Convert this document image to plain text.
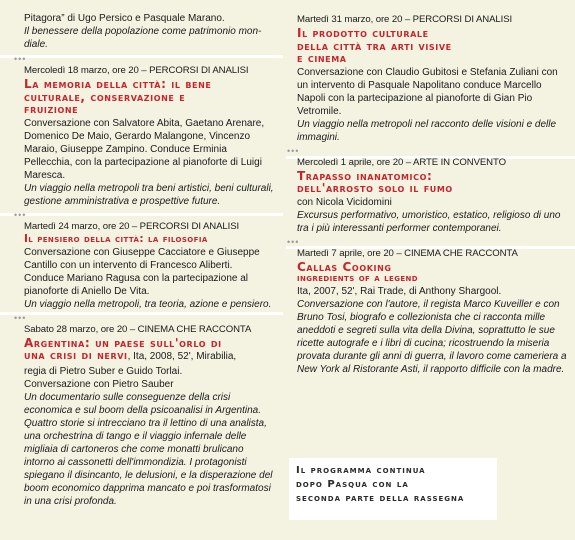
Pitagora” di Ugo Persico e Pasquale Marano.

Il benessere della popolazione come patrimonio mon-

diale.

•••

Mercoledì 18 marzo, ore 20 – PERCORSI DI ANALISI

La memoria della città: il bene
culturale, conservazione e
fruizione

Conversazione con Salvatore Abita, Gaetano Arenare, Domenico De Maio, Gerardo Malangone, Vincenzo Maraio, Giuseppe Zampino. Conduce Erminia Pellecchia, con la partecipazione al pianoforte di Luigi Maresca.

Un viaggio nella metropoli tra beni artistici, beni culturali, gestione amministrativa e prospettive future.

•••

Martedì 24 marzo, ore 20 – PERCORSI DI ANALISI

Il pensiero della città: la filosofia

Conversazione con Giuseppe Cacciatore e Giuseppe Cantillo con un intervento di Francesco Aliberti.

Conduce Mariano Ragusa con la partecipazione al pianoforte di Aniello De Vita.

Un viaggio nella metropoli, tra teoria, azione e pensiero.

•••

Sabato 28 marzo, ore 20 – CINEMA CHE RACCONTA

Argentina: un paese sull'orlo di
una crisi di nervi, Ita, 2008, 52', Mirabilia,

regia di Pietro Suber e Guido Torlai.

Conversazione con Pietro Sauber

Un documentario sulle conseguenze della crisi economica e sul boom della psicoanalisi in Argentina. Quattro storie si intrecciano tra il lettino di una analista, una orchestrina di tango e il viaggio infernale delle migliaia di cartoneros che come monatti brulicano intorno ai cassonetti dell'immondizia. I protagonisti spiegano il disincanto, le delusioni, e la disperazione del boom economico dapprima mancato e poi trasformatosi in una crisi profonda.

Martedì 31 marzo, ore 20 – PERCORSI DI ANALISI

Il prodotto culturale
della città tra arti visive
e cinema

Conversazione con Claudio Gubitosi e Stefania Zuliani con un intervento di Pasquale Napolitano conduce Marcello Napoli con la partecipazione al pianoforte di Gian Pio Vetromile.

Un viaggio nella metropoli nel racconto delle visioni e delle immagini.

•••

Mercoledì 1 aprile, ore 20 – ARTE IN CONVENTO

Trapasso inanatomico:
dell'arrosto solo il fumo

con Nicola Vicidomini

Excursus performativo, umoristico, estatico, religioso di uno tra i più interessanti performer contemporanei.

•••

Martedì 7 aprile, ore 20 – CINEMA CHE RACCONTA

Callas Cooking
ingredients of a legend

Ita, 2007, 52', Rai Trade, di Anthony Shargool.

Conversazione con l'autore, il regista Marco Kuveiller e con Bruno Tosi, biografo e collezionista che ci racconta mille aneddoti e segreti sulla vita della Divina, soprattutto le sue ricette autografe e i libri di cucina; ricostruendo la miseria provata durante gli anni di guerra, il lavoro come cameriera a New York al Ristorante Asti, il rapporto difficile con la madre.

Il programma continua
dopo Pasqua con la
seconda parte della rassegna
